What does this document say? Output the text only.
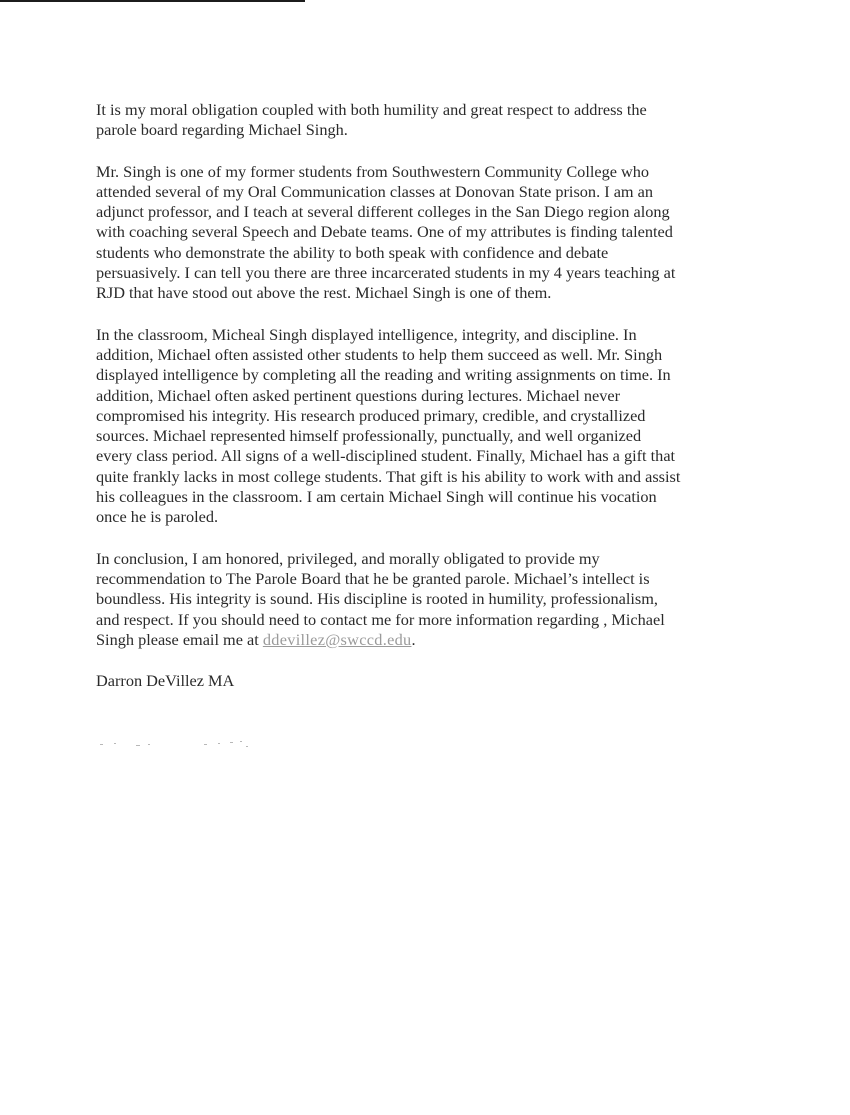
It is my moral obligation coupled with both humility and great respect to address the
parole board regarding Michael Singh.

Mr. Singh is one of my former students from Southwestern Community College who
attended several of my Oral Communication classes at Donovan State prison. I am an
adjunct professor, and I teach at several different colleges in the San Diego region along
with coaching several Speech and Debate teams. One of my attributes is finding talented
students who demonstrate the ability to both speak with confidence and debate
persuasively. I can tell you there are three incarcerated students in my 4 years teaching at
RJD that have stood out above the rest. Michael Singh is one of them.

In the classroom, Micheal Singh displayed intelligence, integrity, and discipline. In
addition, Michael often assisted other students to help them succeed as well. Mr. Singh
displayed intelligence by completing all the reading and writing assignments on time. In
addition, Michael often asked pertinent questions during lectures. Michael never
compromised his integrity. His research produced primary, credible, and crystallized
sources. Michael represented himself professionally, punctually, and well organized
every class period. All signs of a well-disciplined student. Finally, Michael has a gift that
quite frankly lacks in most college students. That gift is his ability to work with and assist
his colleagues in the classroom. I am certain Michael Singh will continue his vocation
once he is paroled.

In conclusion, I am honored, privileged, and morally obligated to provide my
recommendation to The Parole Board that he be granted parole. Michael’s intellect is
boundless. His integrity is sound. His discipline is rooted in humility, professionalism,
and respect. If you should need to contact me for more information regarding , Michael
Singh please email me at ddevillez@swccd.edu.

Darron DeVillez MA
